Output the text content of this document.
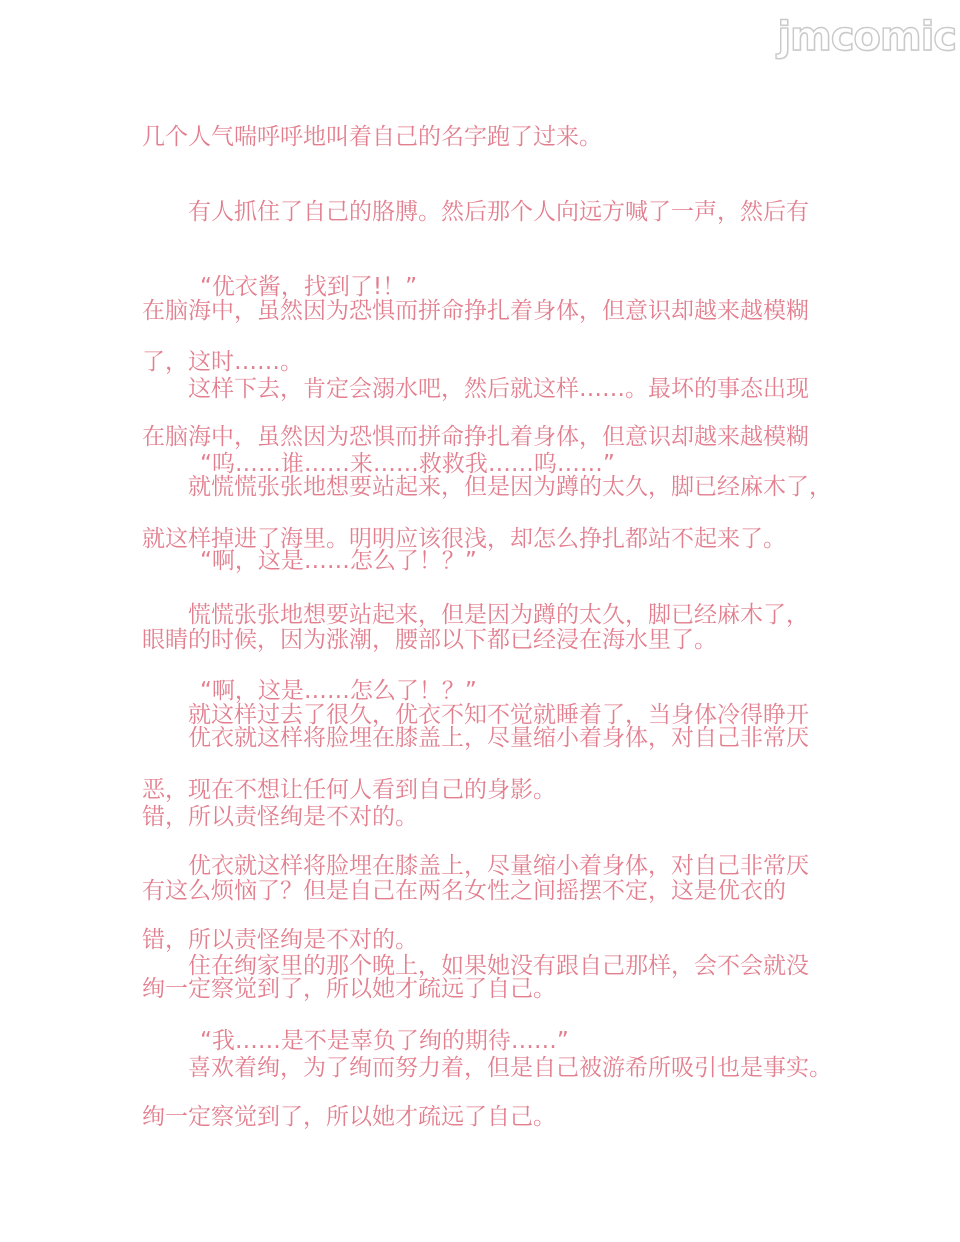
jmcomic
几个人气喘呼呼地叫着自己的名字跑了过来。
有人抓住了自己的胳膊。然后那个人向远方喊了一声，然后有
“优衣酱，找到了!！”
在脑海中，虽然因为恐惧而拼命挣扎着身体，但意识却越来越模糊
了，这时……。
这样下去，肯定会溺水吧，然后就这样……。最坏的事态出现
在脑海中，虽然因为恐惧而拼命挣扎着身体，但意识却越来越模糊
“呜……谁……来……救救我……呜……”
就慌慌张张地想要站起来，但是因为蹲的太久，脚已经麻木了，
就这样掉进了海里。明明应该很浅，却怎么挣扎都站不起来了。
“啊，这是……怎么了！？”
慌慌张张地想要站起来，但是因为蹲的太久，脚已经麻木了，
眼睛的时候，因为涨潮，腰部以下都已经浸在海水里了。
“啊，这是……怎么了！？”
就这样过去了很久，优衣不知不觉就睡着了，当身体冷得睁开
优衣就这样将脸埋在膝盖上，尽量缩小着身体，对自己非常厌
恶，现在不想让任何人看到自己的身影。
错，所以责怪绚是不对的。
优衣就这样将脸埋在膝盖上，尽量缩小着身体，对自己非常厌
有这么烦恼了？但是自己在两名女性之间摇摆不定，这是优衣的
错，所以责怪绚是不对的。
住在绚家里的那个晚上，如果她没有跟自己那样，会不会就没
绚一定察觉到了，所以她才疏远了自己。
“我……是不是辜负了绚的期待……”
喜欢着绚，为了绚而努力着，但是自己被游希所吸引也是事实。
绚一定察觉到了，所以她才疏远了自己。
